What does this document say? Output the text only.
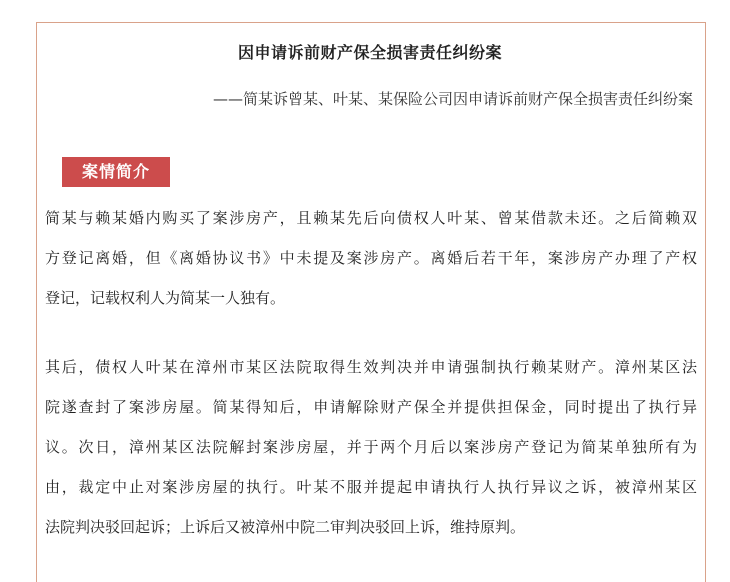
因申请诉前财产保全损害责任纠纷案
——简某诉曾某、叶某、某保险公司因申请诉前财产保全损害责任纠纷案
案情简介
简某与赖某婚内购买了案涉房产，且赖某先后向债权人叶某、曾某借款未还。之后简赖双
方登记离婚，但《离婚协议书》中未提及案涉房产。离婚后若干年，案涉房产办理了产权
登记，记载权利人为简某一人独有。
其后，债权人叶某在漳州市某区法院取得生效判决并申请强制执行赖某财产。漳州某区法
院遂查封了案涉房屋。简某得知后，申请解除财产保全并提供担保金，同时提出了执行异
议。次日，漳州某区法院解封案涉房屋，并于两个月后以案涉房产登记为简某单独所有为
由，裁定中止对案涉房屋的执行。叶某不服并提起申请执行人执行异议之诉，被漳州某区
法院判决驳回起诉；上诉后又被漳州中院二审判决驳回上诉，维持原判。
